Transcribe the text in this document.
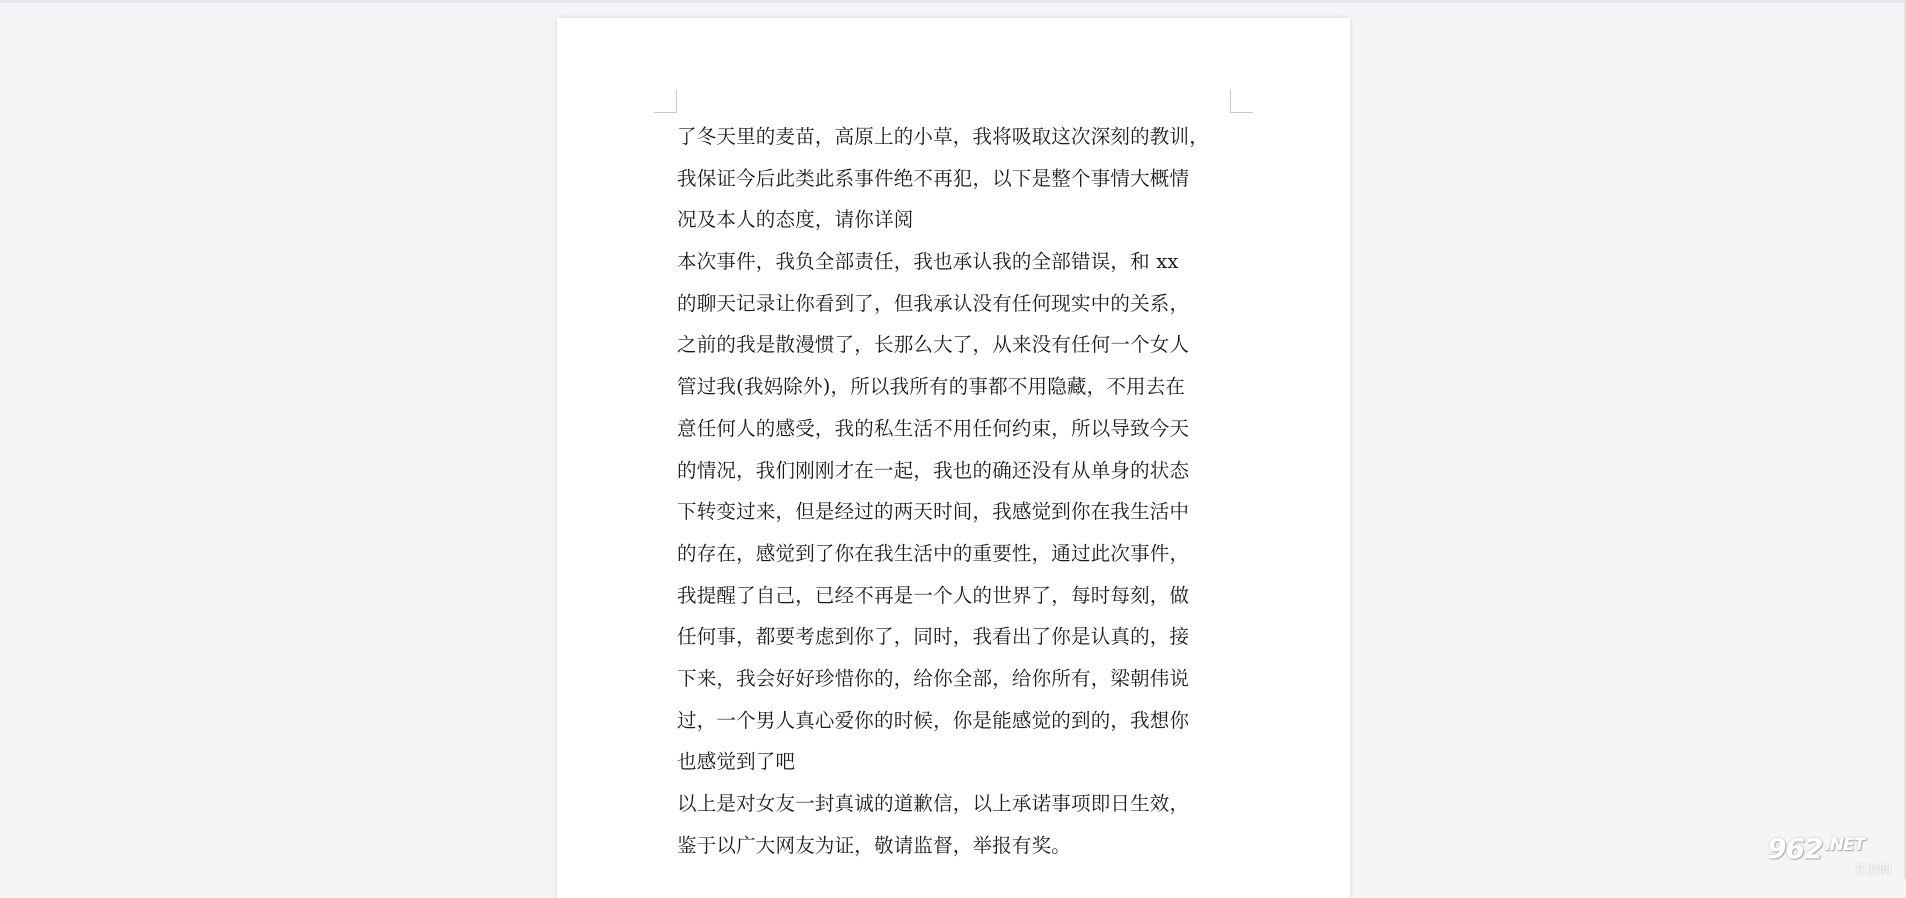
了冬天里的麦苗，高原上的小草，我将吸取这次深刻的教训，
我保证今后此类此系事件绝不再犯，以下是整个事情大概情
况及本人的态度，请你详阅
本次事件，我负全部责任，我也承认我的全部错误，和 xx
的聊天记录让你看到了，但我承认没有任何现实中的关系，
之前的我是散漫惯了，长那么大了，从来没有任何一个女人
管过我(我妈除外)，所以我所有的事都不用隐藏，不用去在
意任何人的感受，我的私生活不用任何约束，所以导致今天
的情况，我们刚刚才在一起，我也的确还没有从单身的状态
下转变过来，但是经过的两天时间，我感觉到你在我生活中
的存在，感觉到了你在我生活中的重要性，通过此次事件，
我提醒了自己，已经不再是一个人的世界了，每时每刻，做
任何事，都要考虑到你了，同时，我看出了你是认真的，接
下来，我会好好珍惜你的，给你全部，给你所有，梁朝伟说
过，一个男人真心爱你的时候，你是能感觉的到的，我想你
也感觉到了吧
以上是对女友一封真诚的道歉信，以上承诺事项即日生效，
鉴于以广大网友为证，敬请监督，举报有奖。	962 $^{.NET}$
乐游网
